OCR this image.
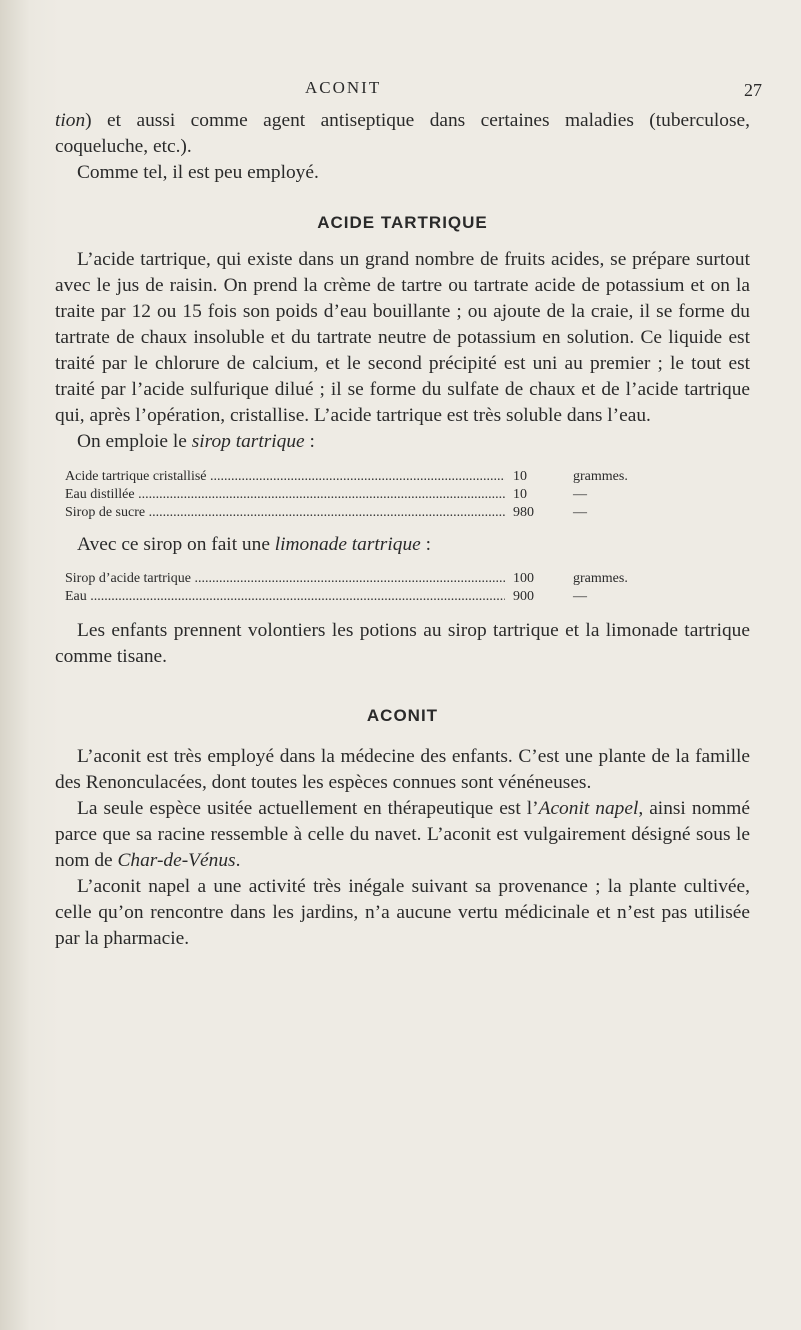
ACONIT	27

tion) et aussi comme agent antiseptique dans certaines maladies (tuberculose, coqueluche, etc.).

Comme tel, il est peu employé.

ACIDE TARTRIQUE

L’acide tartrique, qui existe dans un grand nombre de fruits acides, se prépare surtout avec le jus de raisin. On prend la crème de tartre ou tartrate acide de potassium et on la traite par 12 ou 15 fois son poids d’eau bouillante ; ou ajoute de la craie, il se forme du tartrate de chaux insoluble et du tartrate neutre de potassium en solution. Ce liquide est traité par le chlorure de calcium, et le second précipité est uni au premier ; le tout est traité par l’acide sulfurique dilué ; il se forme du sulfate de chaux et de l’acide tartrique qui, après l’opération, cristallise. L’acide tartrique est très soluble dans l’eau.

On emploie le sirop tartrique :

Acide tartrique cristallisé .....	10	grammes.
Eau distillée .....	10	—
Sirop de sucre .....	980	—

Avec ce sirop on fait une limonade tartrique :

Sirop d’acide tartrique .....	100	grammes.
Eau .....	900	—

Les enfants prennent volontiers les potions au sirop tartrique et la limonade tartrique comme tisane.

ACONIT

L’aconit est très employé dans la médecine des enfants. C’est une plante de la famille des Renonculacées, dont toutes les espèces connues sont vénéneuses.

La seule espèce usitée actuellement en thérapeutique est l’Aconit napel, ainsi nommé parce que sa racine ressemble à celle du navet. L’aconit est vulgairement désigné sous le nom de Char-de-Vénus.

L’aconit napel a une activité très inégale suivant sa provenance ; la plante cultivée, celle qu’on rencontre dans les jardins, n’a aucune vertu médicinale et n’est pas utilisée par la pharmacie.
